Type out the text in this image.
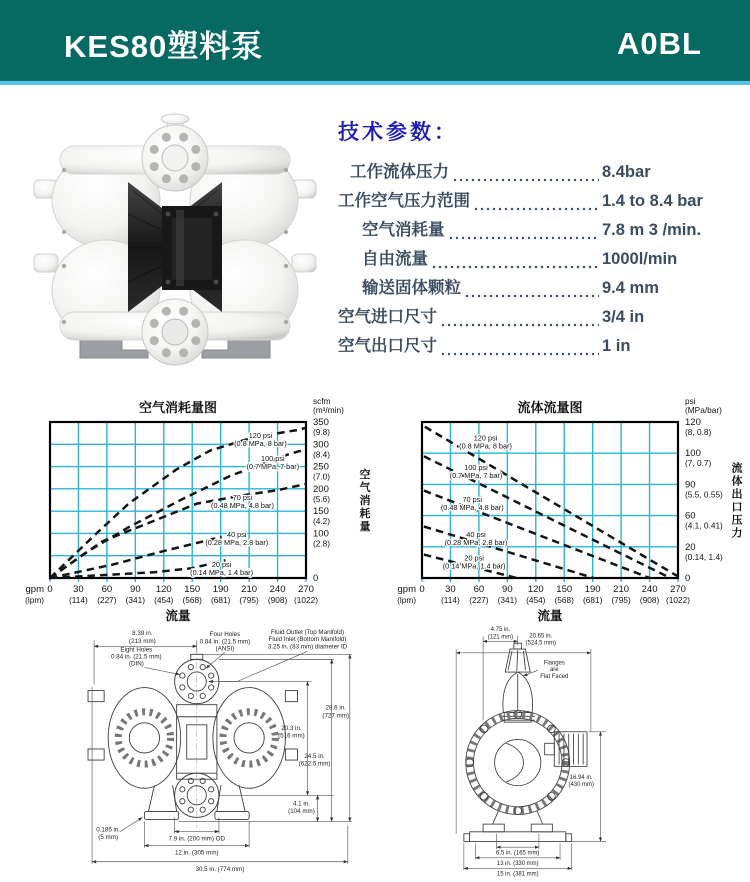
KES80塑料泵	A0BL
技术参数：
工作流体压力	8.4bar
工作空气压力范围	1.4 to 8.4 bar
空气消耗量	7.8 m 3 /min.
自由流量	1000l/min
输送固体颗粒	9.4 mm
空气进口尺寸	3/4 in
空气出口尺寸	1 in
120 psi
(0.8 MPa, 8 bar)
100 psi
(0.7 MPa, 7 bar)
70 psi
(0.48 MPa, 4.8 bar)
40 psi
(0.28 MPa, 2.8 bar)
20 psi
(0.14 MPa, 1.4 bar)
350
(9.8)
300
(8.4)
250
(7.0)
200
(5.6)
150
(4.2)
100
(2.8)
0
scfm
(m³/min)
空气消耗量
0 30
(114)
60
(227)
90
(341)
120
(454)
150
(568)
190
(681)
210
(795)
240
(908)
270
(1022)
gpm
(lpm)
流量
空气消耗量图
120 psi
(0.8 MPa, 8 bar)
100 psi
(0.7 MPa, 7 bar)
70 psi
(0.48 MPa, 4.8 bar)
40 psi
(0.28 MPa, 2.8 bar)
20 psi
(0.14 MPa, 1.4 bar)
120
(8, 0.8)
100
(7, 0.7)
90
(5.5, 0.55)
60
(4.1, 0.41)
20
(0.14, 1.4)
0
psi
(MPa/bar)
流体出口压力
0 30
(114)
60
(227)
90
(341)
120
(454)
150
(568)
190
(681)
210
(795)
240
(908)
270
(1022)
gpm
(lpm)
流量
流体流量图
8.39 in.
(213 mm)
Eight Holes
0.84 in. (21.5 mm)
(DIN)
Four Holes
0.84 in. (21.5 mm)
(ANSI)
Fluid Outlet (Top Manifold)
Fluid Inlet (Bottom Manifold)
3.25 in. (83 mm) diameter ID
20.3 in.
(516 mm)
24.5 in.
(622.5 mm)
28.6 in.
(727 mm)
4.1 in.
(104 mm)
0.185 in.
(5 mm)	7.9 in. (200 mm) OD
12 in. (305 mm)
30.5 in. (774 mm)
4.75 in.
(121 mm)	20.65 in.
(524.5 mm)
Flanges
are
Flat Faced
16.94 in.
(430 mm)
6.5 in. (165 mm)
13 in. (330 mm)
15 in. (381 mm)
